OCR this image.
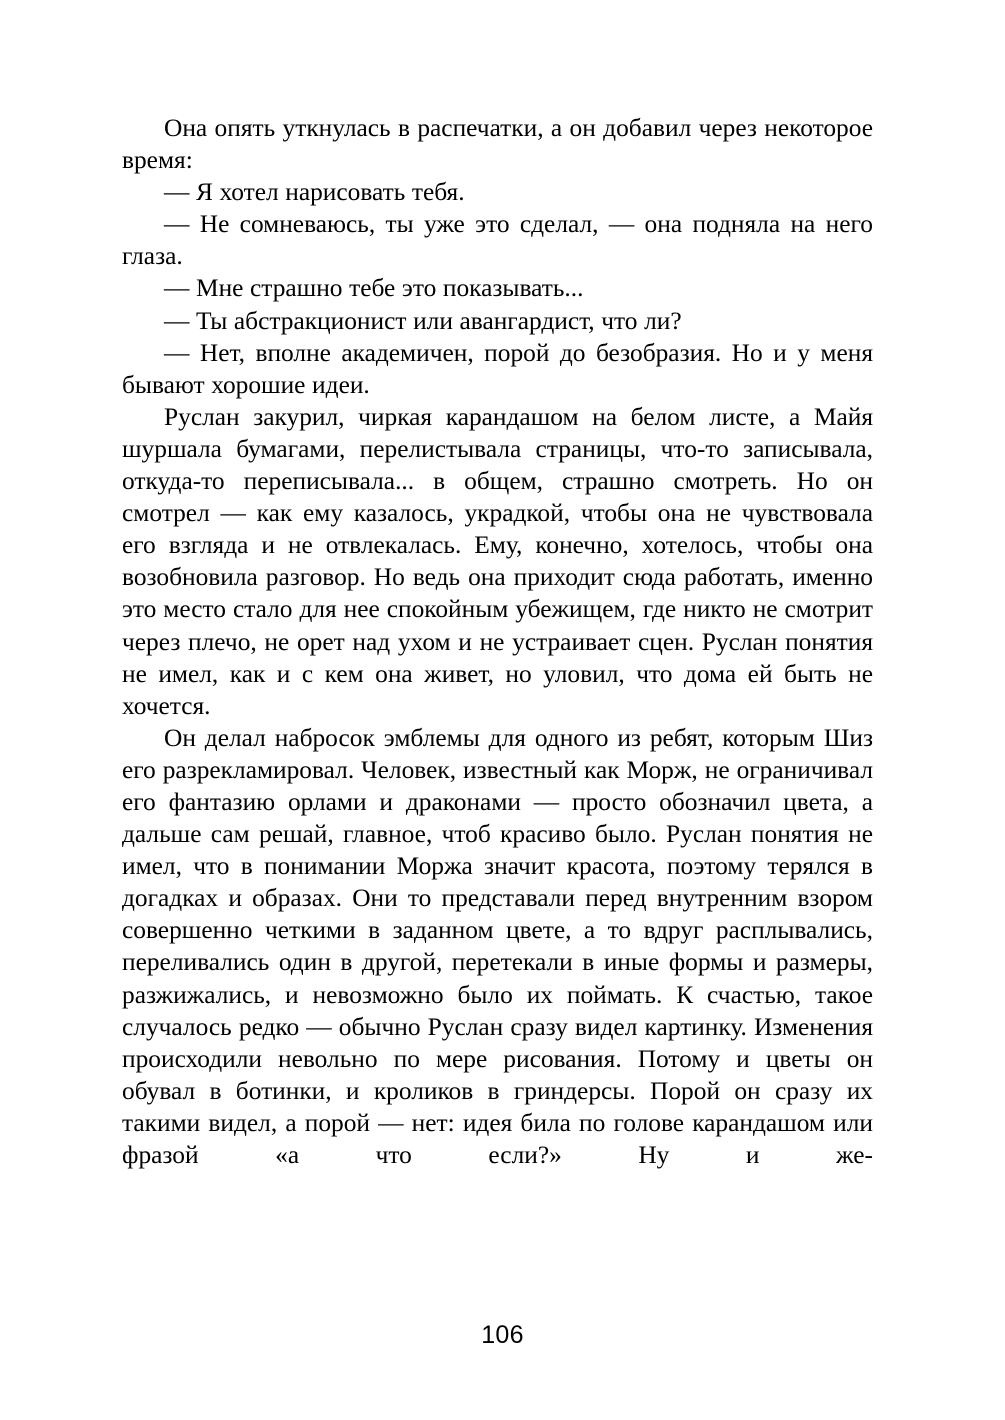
Она опять уткнулась в распечатки, а он добавил через некоторое время:

— Я хотел нарисовать тебя.

— Не сомневаюсь, ты уже это сделал, — она подняла на него глаза.

— Мне страшно тебе это показывать...

— Ты абстракционист или авангардист, что ли?

— Нет, вполне академичен, порой до безобразия. Но и у меня бывают хорошие идеи.

Руслан закурил, чиркая карандашом на белом листе, а Майя шуршала бумагами, перелистывала страницы, что-то записывала, откуда-то переписывала... в общем, страшно смотреть. Но он смотрел — как ему казалось, украдкой, чтобы она не чувствовала его взгляда и не отвлекалась. Ему, конечно, хотелось, чтобы она возобновила разговор. Но ведь она приходит сюда работать, именно это место стало для нее спокойным убежищем, где никто не смотрит через плечо, не орет над ухом и не устраивает сцен. Руслан понятия не имел, как и с кем она живет, но уловил, что дома ей быть не хочется.

Он делал набросок эмблемы для одного из ребят, которым Шиз его разрекламировал. Человек, известный как Морж, не ограничивал его фантазию орлами и драконами — просто обозначил цвета, а дальше сам решай, главное, чтоб красиво было. Руслан понятия не имел, что в понимании Моржа значит красота, поэтому терялся в догадках и образах. Они то представали перед внутренним взором совершенно четкими в заданном цвете, а то вдруг расплывались, переливались один в другой, перетекали в иные формы и размеры, разжижались, и невозможно было их поймать. К счастью, такое случалось редко — обычно Руслан сразу видел картинку. Изменения происходили невольно по мере рисования. Потому и цветы он обувал в ботинки, и кроликов в гриндерсы. Порой он сразу их такими видел, а порой — нет: идея била по голове карандашом или фразой «а что если?» Ну и же-

106
